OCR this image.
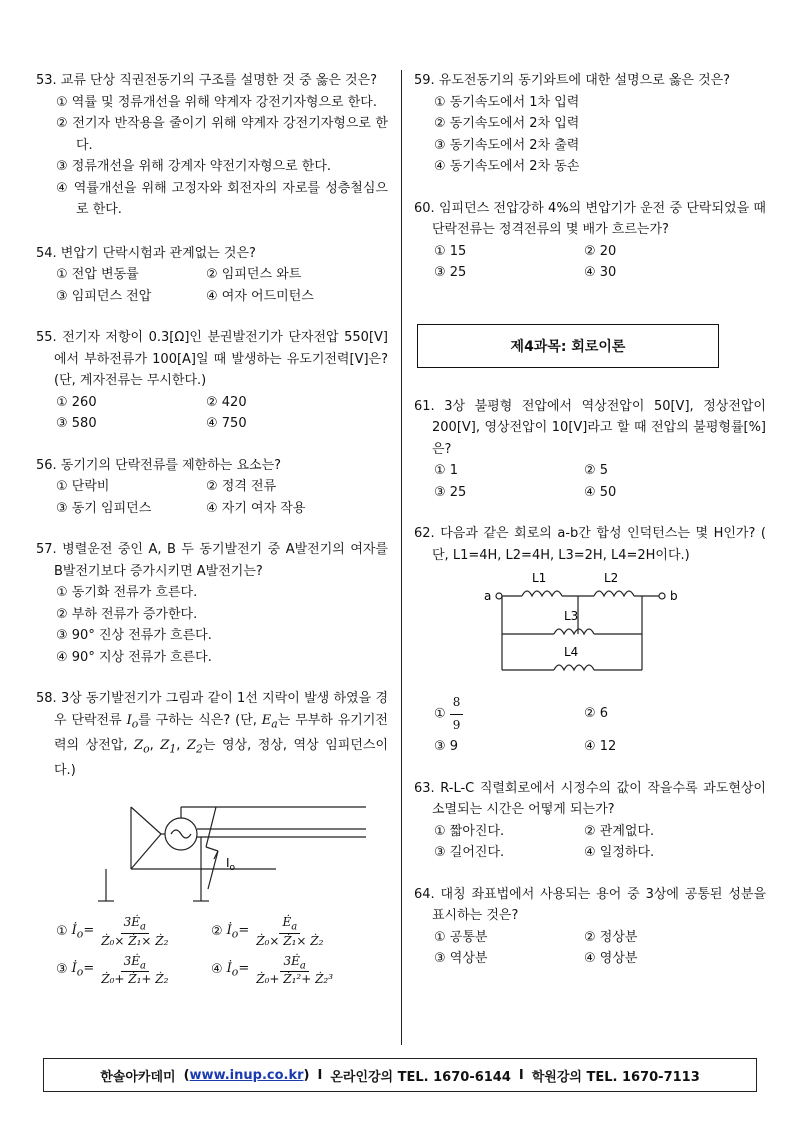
53. 교류 단상 직권전동기의 구조를 설명한 것 중 옳은 것은?
① 역률 및 정류개선을 위해 약계자 강전기자형으로 한다.
② 전기자 반작용을 줄이기 위해 약계자 강전기자형으로 한다.
③ 정류개선을 위해 강계자 약전기자형으로 한다.
④ 역률개선을 위해 고정자와 회전자의 자로를 성층철심으로 한다.
54. 변압기 단락시험과 관계없는 것은?
① 전압 변동률	② 임피던스 와트
③ 임피던스 전압	④ 여자 어드미턴스
55. 전기자 저항이 0.3[Ω]인 분권발전기가 단자전압 550[V]에서 부하전류가 100[A]일 때 발생하는 유도기전력[V]은? (단, 계자전류는 무시한다.)
① 260	② 420
③ 580	④ 750
56. 동기기의 단락전류를 제한하는 요소는?
① 단락비	② 정격 전류
③ 동기 임피던스	④ 자기 여자 작용
57. 병렬운전 중인 A, B 두 동기발전기 중 A발전기의 여자를 B발전기보다 증가시키면 A발전기는?
① 동기화 전류가 흐른다.
② 부하 전류가 증가한다.
③ 90° 진상 전류가 흐른다.
④ 90° 지상 전류가 흐른다.
58. 3상 동기발전기가 그림과 같이 1선 지락이 발생 하였을 경우 단락전류 $I_o$를 구하는 식은? (단, $E_a$는 무부하 유기기전력의 상전압, $Z_o$, $Z_1$, $Z_2$는 영상, 정상, 역상 임피던스이다.)
$I_o$
① $İ_o= \frac{3Ė_a}{\text{Ż₀× Ż₁× Ż₂}}$	② $İ_o= \frac{Ė_a}{\text{Ż₀× Ż₁× Ż₂}}$
③ $İ_o= \frac{3Ė_a}{\text{Ż₀+ Ż₁+ Ż₂}}$	④ $İ_o= \frac{3Ė_a}{\text{Ż₀+ Ż₁²+ Ż₂³}}$
59. 유도전동기의 동기와트에 대한 설명으로 옳은 것은?
① 동기속도에서 1차 입력
② 동기속도에서 2차 입력
③ 동기속도에서 2차 출력
④ 동기속도에서 2차 동손
60. 임피던스 전압강하 4%의 변압기가 운전 중 단락되었을 때 단락전류는 정격전류의 몇 배가 흐르는가?
① 15	② 20
③ 25	④ 30
제4과목: 회로이론
61. 3상 불평형 전압에서 역상전압이 50[V], 정상전압이 200[V], 영상전압이 10[V]라고 할 때 전압의 불평형률[%]은?
① 1	② 5
③ 25	④ 50
62. 다음과 같은 회로의 a-b간 합성 인덕턴스는 몇 H인가? ( 단, L1=4H, L2=4H, L3=2H, L4=2H이다.)
a	b
L1	L2
L3
L4
① $\frac{8}{9}$	② 6
③ 9	④ 12
63. R-L-C 직렬회로에서 시정수의 값이 작을수록 과도현상이 소멸되는 시간은 어떻게 되는가?
① 짧아진다.	② 관계없다.
③ 길어진다.	④ 일정하다.
64. 대칭 좌표법에서 사용되는 용어 중 3상에 공통된 성분을 표시하는 것은?
① 공통분	② 정상분
③ 역상분	④ 영상분
한솔아카데미 (www.inup.co.kr) I 온라인강의 TEL. 1670-6144 I 학원강의 TEL. 1670-7113
